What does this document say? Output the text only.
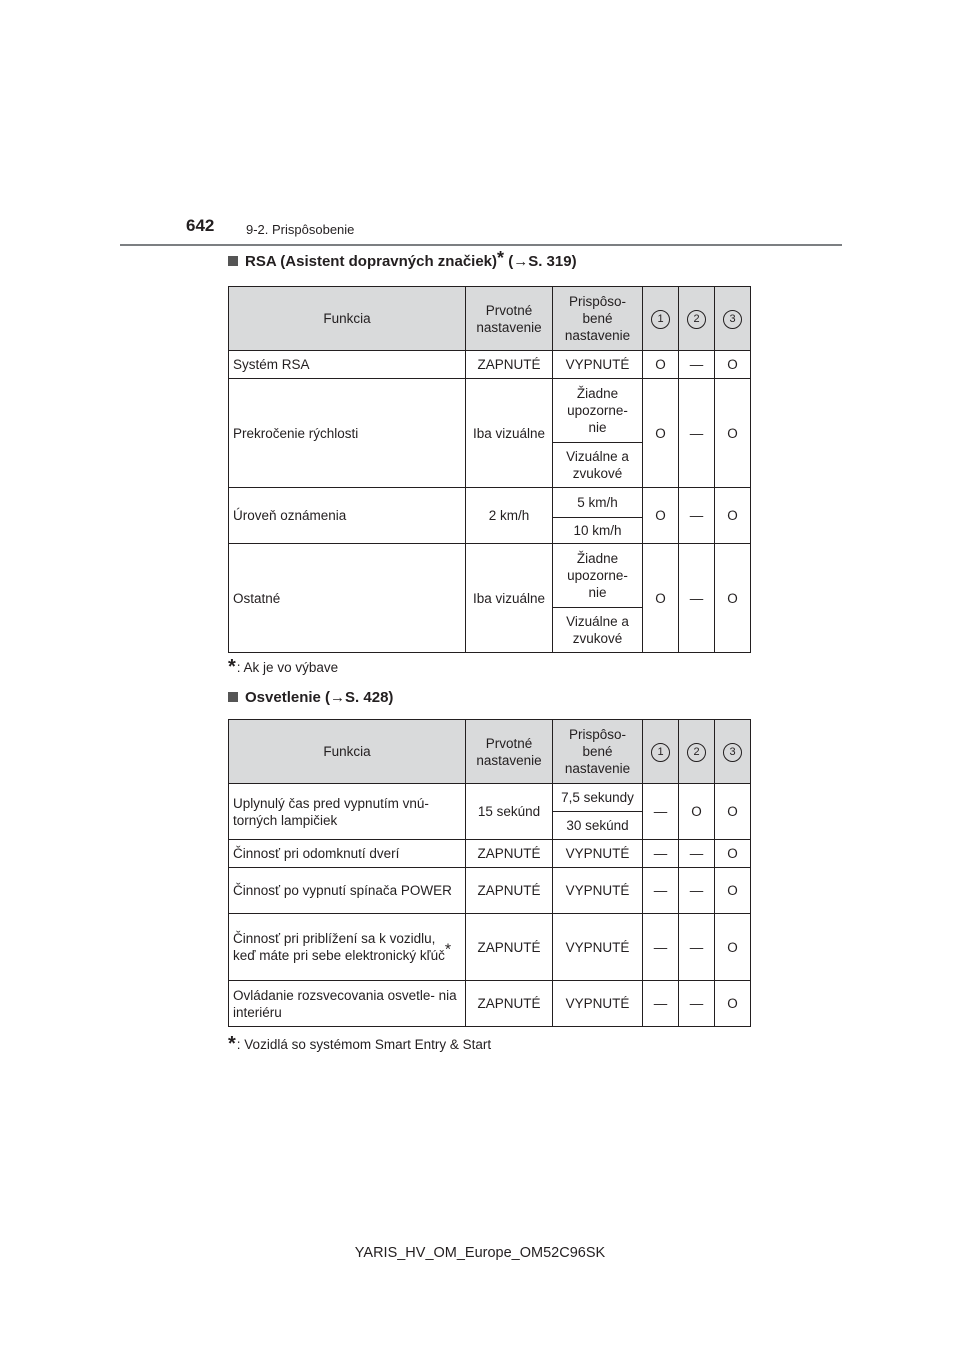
642 9-2. Prispôsobenie
RSA (Asistent dopravných značiek)* (→S. 319)
Funkcia	Prvotné nastavenie	Prispôso- bené nastavenie	1	2	3
Systém RSA	ZAPNUTÉ	VYPNUTÉ	O	—	O
Prekročenie rýchlosti	Iba vizuálne	Žiadne upozorne- nie	O	—	O
		Vizuálne a zvukové			
Úroveň oznámenia	2 km/h	5 km/h	O	—	O
		10 km/h			
Ostatné	Iba vizuálne	Žiadne upozorne- nie	O	—	O
		Vizuálne a zvukové			
*: Ak je vo výbave
Osvetlenie (→S. 428)
Funkcia	Prvotné nastavenie	Prispôso- bené nastavenie	1	2	3
Uplynulý čas pred vypnutím vnú- torných lampičiek	15 sekúnd	7,5 sekundy	—	O	O
		30 sekúnd			
Činnosť pri odomknutí dverí	ZAPNUTÉ	VYPNUTÉ	—	—	O
Činnosť po vypnutí spínača POWER	ZAPNUTÉ	VYPNUTÉ	—	—	O
Činnosť pri priblížení sa k vozidlu, keď máte pri sebe elektronický kľúč*	ZAPNUTÉ	VYPNUTÉ	—	—	O
Ovládanie rozsvecovania osvetle- nia interiéru	ZAPNUTÉ	VYPNUTÉ	—	—	O
*: Vozidlá so systémom Smart Entry & Start
YARIS_HV_OM_Europe_OM52C96SK
